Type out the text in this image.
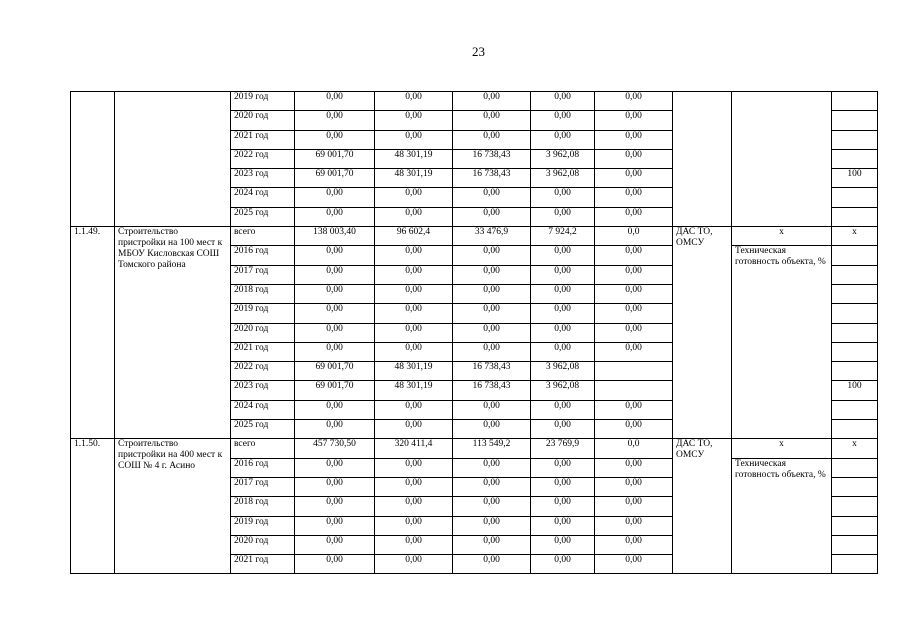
23
		2019 год	0,00	0,00	0,00	0,00	0,00			
		2020 год	0,00	0,00	0,00	0,00	0,00			
		2021 год	0,00	0,00	0,00	0,00	0,00			
		2022 год	69 001,70	48 301,19	16 738,43	3 962,08	0,00			
		2023 год	69 001,70	48 301,19	16 738,43	3 962,08	0,00			100
		2024 год	0,00	0,00	0,00	0,00	0,00			
		2025 год	0,00	0,00	0,00	0,00	0,00			
1.1.49.	Строительство пристройки на 100 мест к МБОУ Кисловская СОШ Томского района	всего	138 003,40	96 602,4	33 476,9	7 924,2	0,0	ДАС ТО, ОМСУ	x	x
		2016 год	0,00	0,00	0,00	0,00	0,00		Техническая готовность объекта, %	
		2017 год	0,00	0,00	0,00	0,00	0,00			
		2018 год	0,00	0,00	0,00	0,00	0,00			
		2019 год	0,00	0,00	0,00	0,00	0,00			
		2020 год	0,00	0,00	0,00	0,00	0,00			
		2021 год	0,00	0,00	0,00	0,00	0,00			
		2022 год	69 001,70	48 301,19	16 738,43	3 962,08				
		2023 год	69 001,70	48 301,19	16 738,43	3 962,08				100
		2024 год	0,00	0,00	0,00	0,00	0,00			
		2025 год	0,00	0,00	0,00	0,00	0,00			
1.1.50.	Строительство пристройки на 400 мест к СОШ № 4 г. Асино	всего	457 730,50	320 411,4	113 549,2	23 769,9	0,0	ДАС ТО, ОМСУ	x	x
		2016 год	0,00	0,00	0,00	0,00	0,00		Техническая готовность объекта, %	
		2017 год	0,00	0,00	0,00	0,00	0,00			
		2018 год	0,00	0,00	0,00	0,00	0,00			
		2019 год	0,00	0,00	0,00	0,00	0,00			
		2020 год	0,00	0,00	0,00	0,00	0,00			
		2021 год	0,00	0,00	0,00	0,00	0,00			
